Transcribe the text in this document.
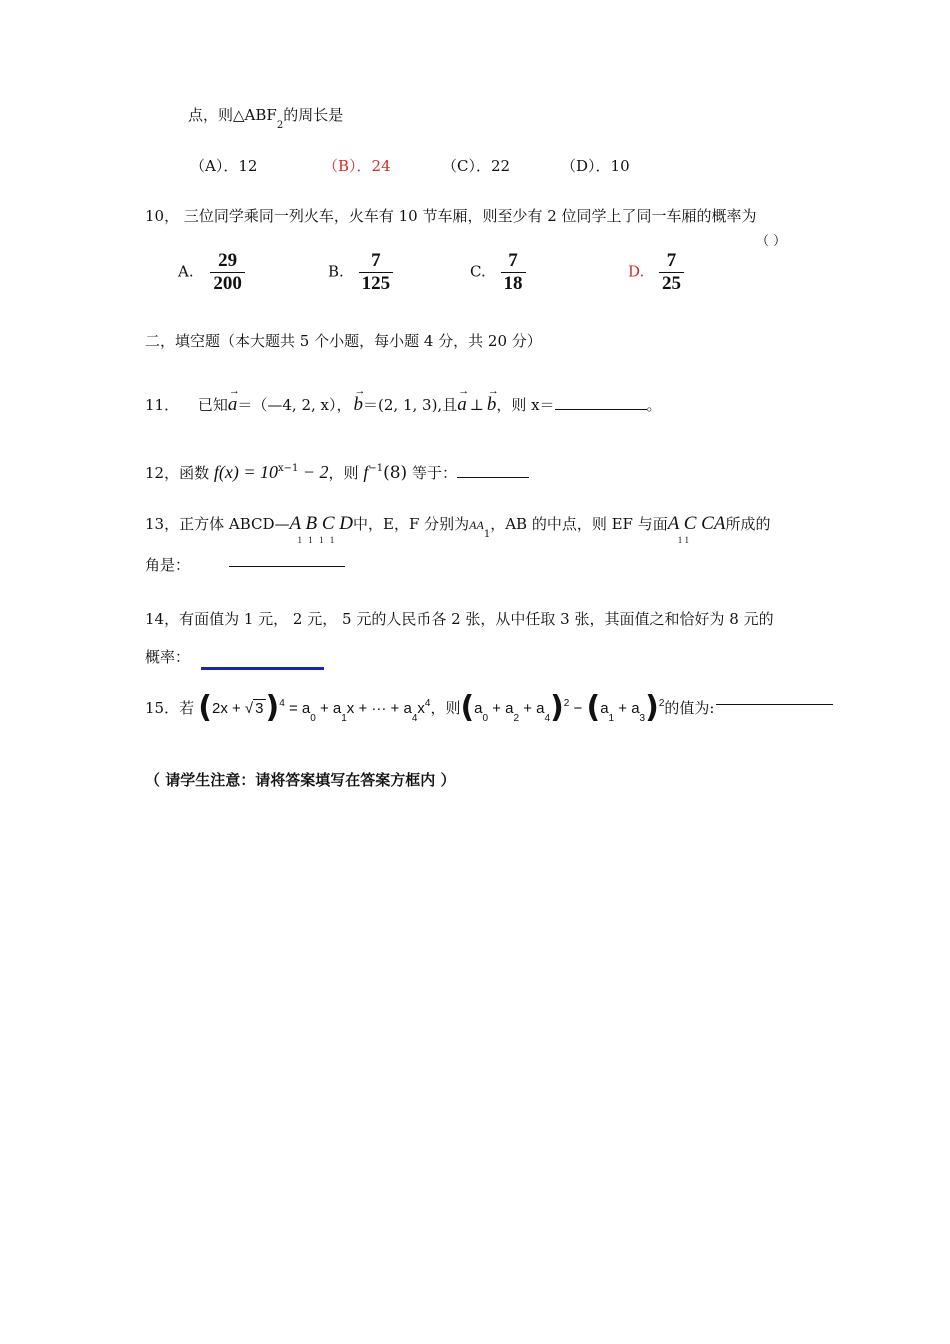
点，则$\triangle ABF_2$的周长是
（A）．12	（B）．24	（C）．22	（D）．10
10， 三位同学乘同一列火车，火车有 10 节车厢，则至少有 2 位同学上了同一车厢的概率为
（ ）
A. $\frac{29}{200}$	B. $\frac{7}{125}$	C. $\frac{7}{18}$	D. $\frac{7}{25}$
二，填空题（本大题共 5 个小题，每小题 4 分，共 20 分）
11． 已知→ a＝（—4, 2, x）， → b＝(2, 1, 3),且→ a ⊥ → b，则 x＝	。
12，函数 $f(x) = 10^{x-1} - 2$，则 $f^{-1}(8)$ 等于：
13，正方体 ABCD—A B C D
1 1 1 1
中，E，F 分别为$AA_1$，AB 的中点，则 EF 与面A C CA
1 1
所成的
角是：
14，有面值为 1 元， 2 元， 5 元的人民币各 2 张，从中任取 3 张，其面值之和恰好为 8 元的
概率：
15．若 (2x + √ $3)^4 = a_0 + a_1x$ + ··· + $a_4x^4$，则$(a_0 + a_2 + a_4)^2 - (a_1 + a_3)^2$的值为:
（ 请学生注意：请将答案填写在答案方框内 ）
